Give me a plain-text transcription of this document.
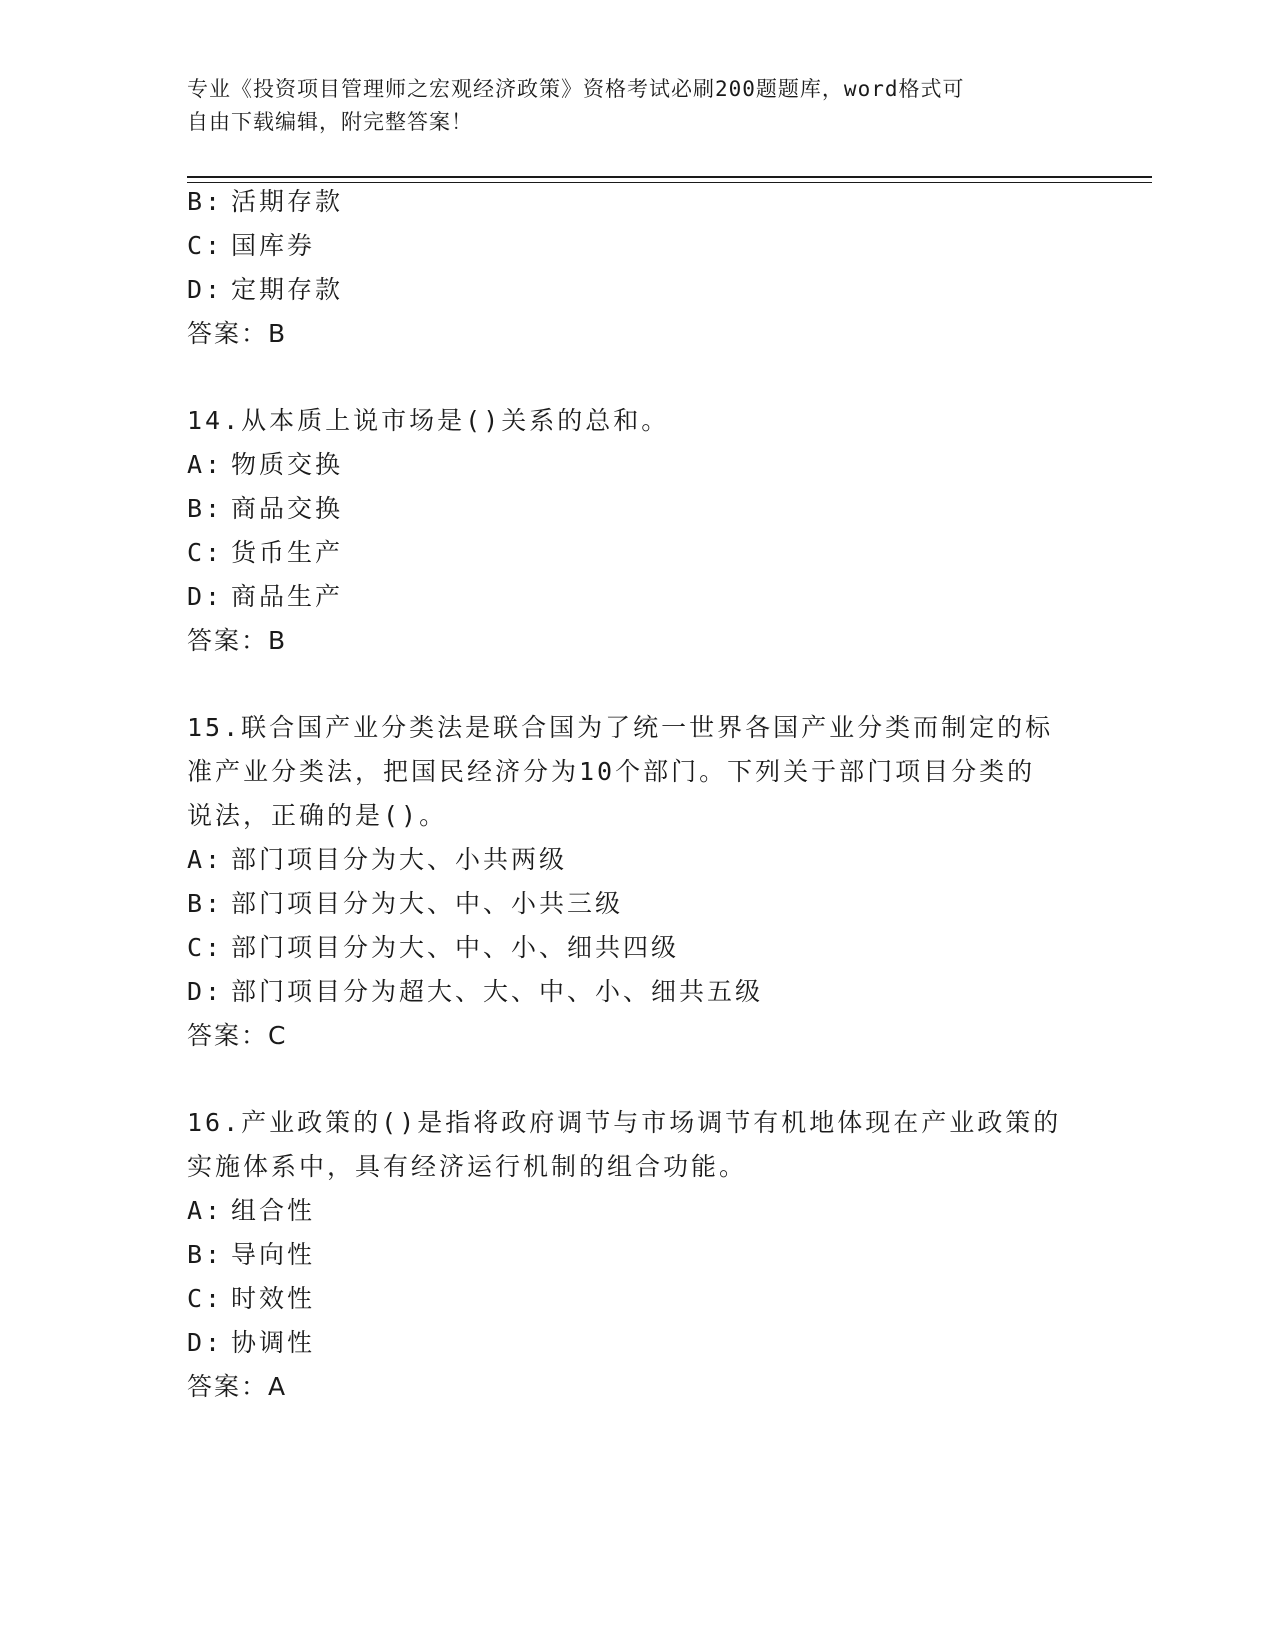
专业《投资项目管理师之宏观经济政策》资格考试必刷200题题库，word格式可
自由下载编辑，附完整答案！
B: 活期存款
C: 国库券
D: 定期存款
答案：B
14.从本质上说市场是()关系的总和。
A: 物质交换
B: 商品交换
C: 货币生产
D: 商品生产
答案：B
15.联合国产业分类法是联合国为了统一世界各国产业分类而制定的标
准产业分类法，把国民经济分为10个部门。下列关于部门项目分类的
说法，正确的是()。
A: 部门项目分为大、小共两级
B: 部门项目分为大、中、小共三级
C: 部门项目分为大、中、小、细共四级
D: 部门项目分为超大、大、中、小、细共五级
答案：C
16.产业政策的()是指将政府调节与市场调节有机地体现在产业政策的
实施体系中，具有经济运行机制的组合功能。
A: 组合性
B: 导向性
C: 时效性
D: 协调性
答案：A
